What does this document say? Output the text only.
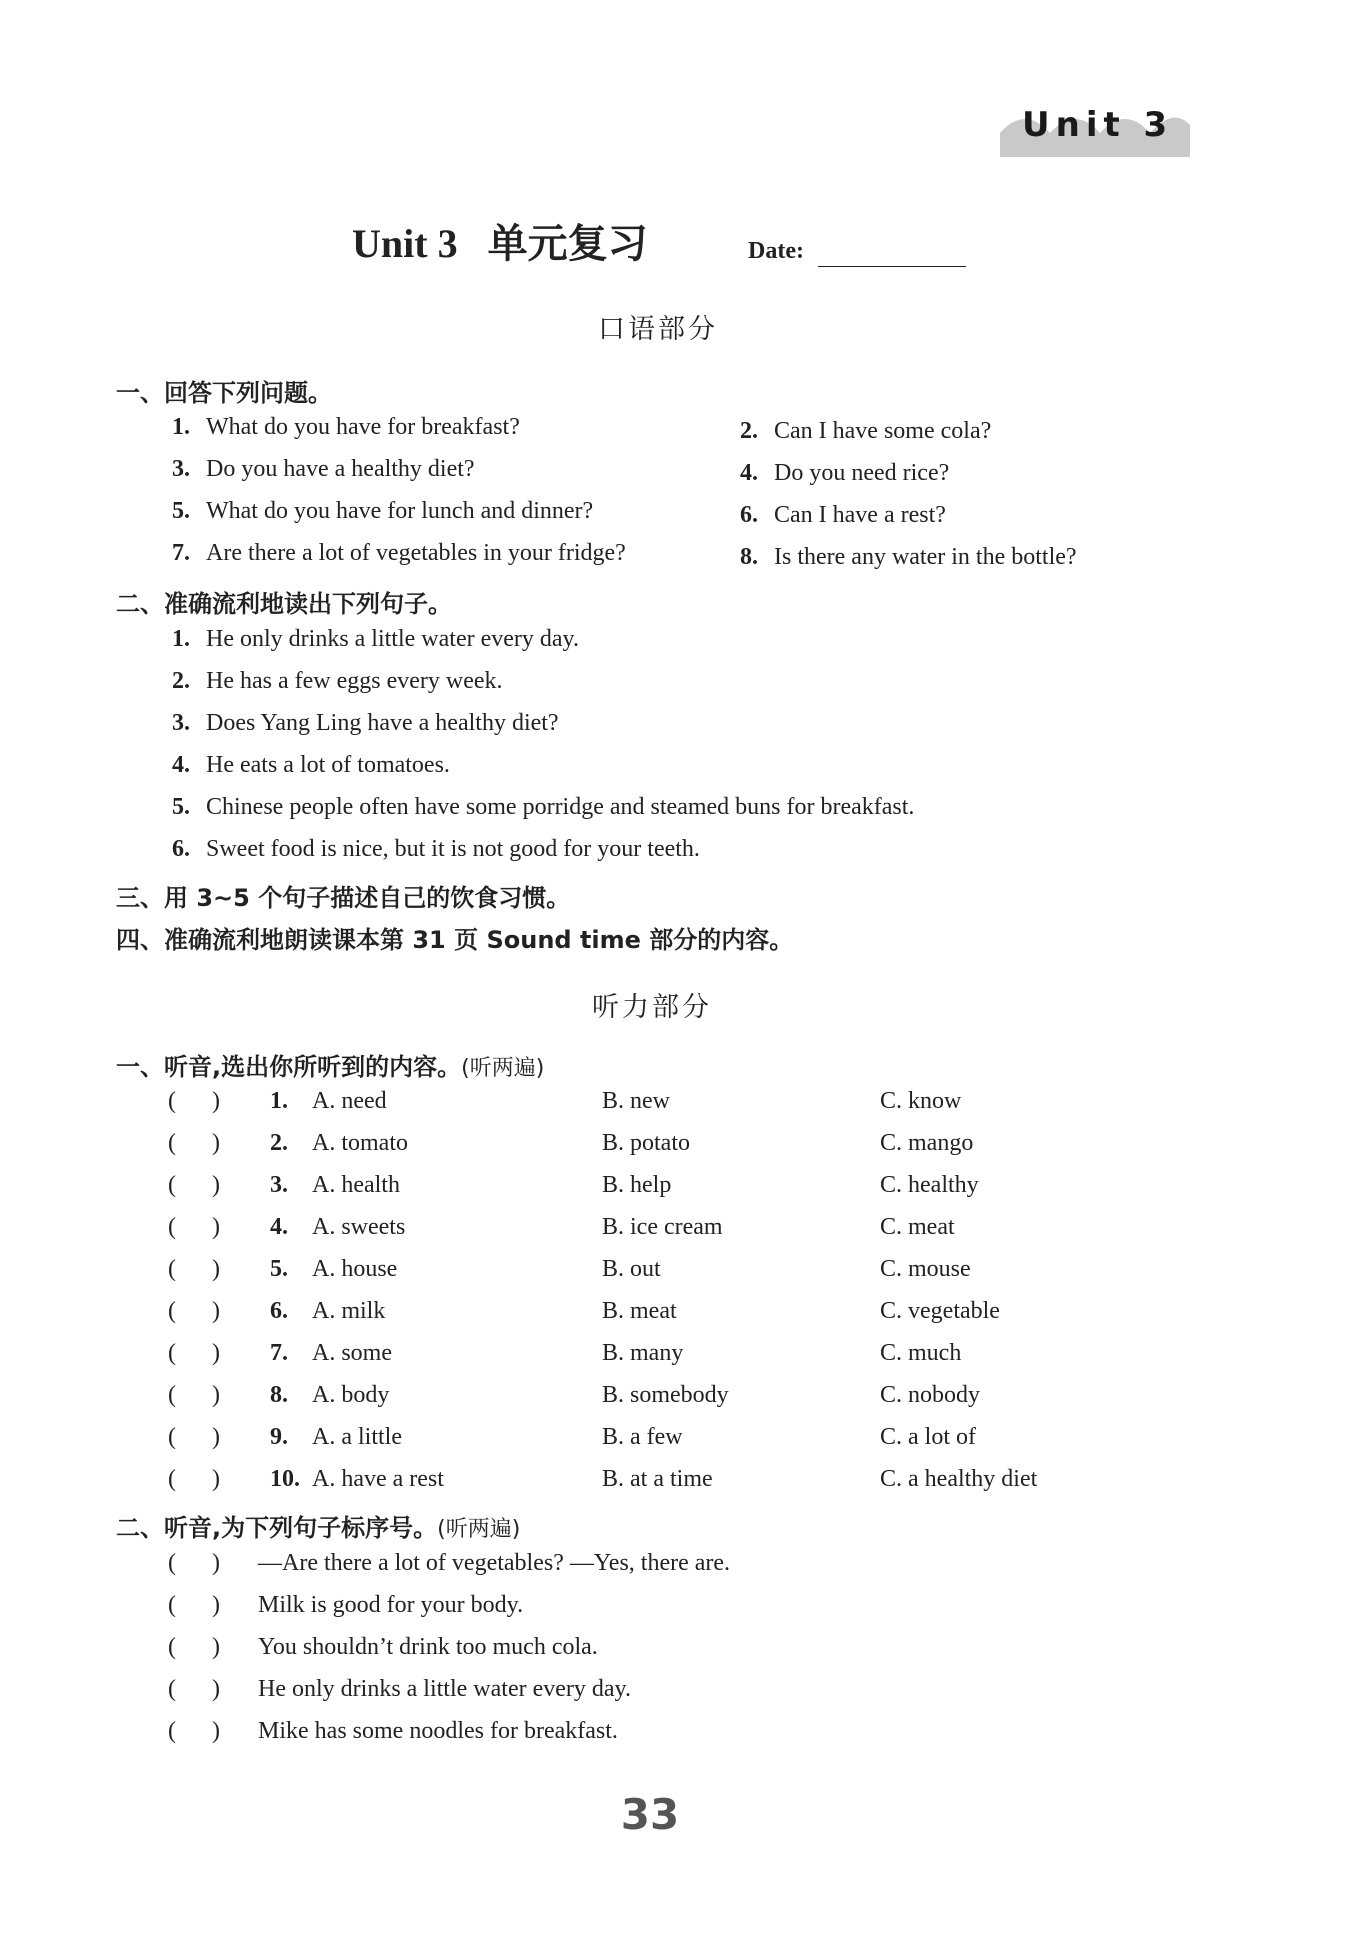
Unit 3
Unit 3   单元复习	Date:
口语部分
一、回答下列问题。
1. What do you have for breakfast?
3. Do you have a healthy diet?
5. What do you have for lunch and dinner?
7. Are there a lot of vegetables in your fridge?
2. Can I have some cola?
4. Do you need rice?
6. Can I have a rest?
8. Is there any water in the bottle?
二、准确流利地读出下列句子。
1. He only drinks a little water every day.
2. He has a few eggs every week.
3. Does Yang Ling have a healthy diet?
4. He eats a lot of tomatoes.
5. Chinese people often have some porridge and steamed buns for breakfast.
6. Sweet food is nice, but it is not good for your teeth.
三、用 3~5 个句子描述自己的饮食习惯。
四、准确流利地朗读课本第 31 页 Sound time 部分的内容。
听力部分
一、听音,选出你所听到的内容。(听两遍)
(      ) 1. A. need	B. new	C. know
(      ) 2. A. tomato	B. potato	C. mango
(      ) 3. A. health	B. help	C. healthy
(      ) 4. A. sweets	B. ice cream	C. meat
(      ) 5. A. house	B. out	C. mouse
(      ) 6. A. milk	B. meat	C. vegetable
(      ) 7. A. some	B. many	C. much
(      ) 8. A. body	B. somebody	C. nobody
(      ) 9. A. a little	B. a few	C. a lot of
(      ) 10. A. have a rest	B. at a time	C. a healthy diet
二、听音,为下列句子标序号。(听两遍)
(      ) —Are there a lot of vegetables? —Yes, there are.
(      ) Milk is good for your body.
(      ) You shouldn’t drink too much cola.
(      ) He only drinks a little water every day.
(      ) Mike has some noodles for breakfast.
33
